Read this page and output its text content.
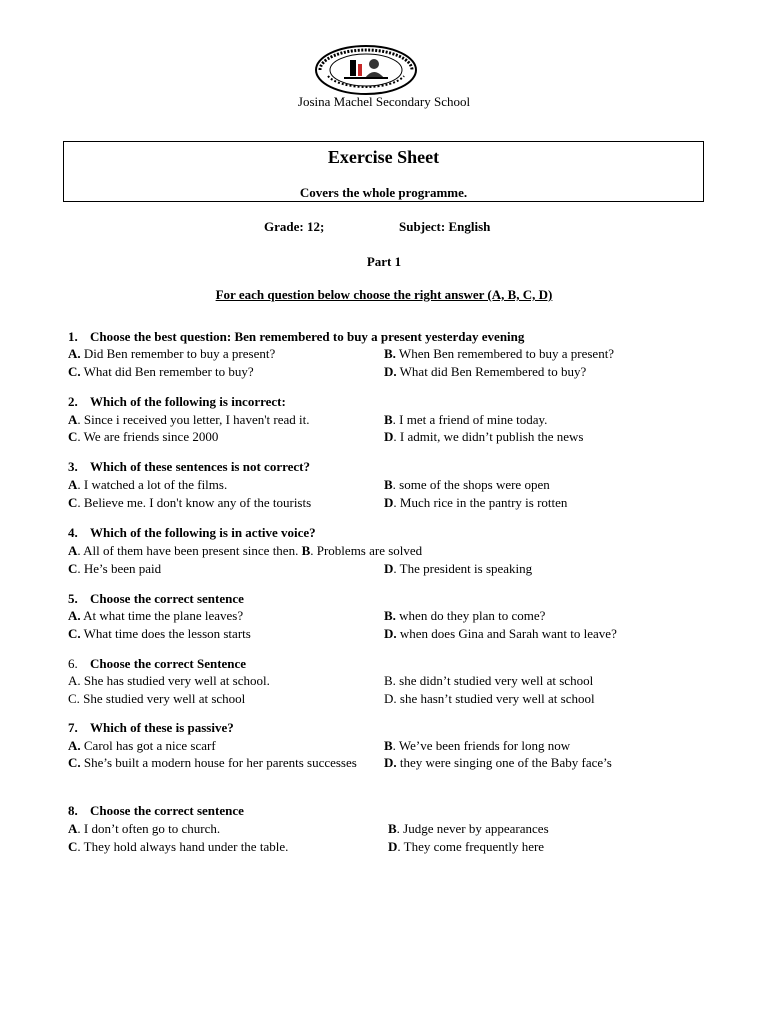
Josina Machel Secondary School
Exercise Sheet
Covers the whole programme.
Grade: 12;	Subject: English
Part 1
For each question below choose the right answer (A, B, C, D)
1. Choose the best question: Ben remembered to buy a present yesterday evening
A. Did Ben remember to buy a present?	B. When Ben remembered to buy a present?
C. What did Ben remember to buy?	D. What did Ben Remembered to buy?
2. Which of the following is incorrect:
A. Since i received you letter, I haven't read it.	B. I met a friend of mine today.
C. We are friends since 2000	D. I admit, we didn’t publish the news
3. Which of these sentences is not correct?
A. I watched a lot of the films.	B. some of the shops were open
C. Believe me. I don't know any of the tourists	D. Much rice in the pantry is rotten
4. Which of the following is in active voice?
A. All of them have been present since then. B. Problems are solved
C. He’s been paid	D. The president is speaking
5. Choose the correct sentence
A. At what time the plane leaves?	B. when do they plan to come?
C. What time does the lesson starts	D. when does Gina and Sarah want to leave?
6. Choose the correct Sentence
A. She has studied very well at school.	B. she didn’t studied very well at school
C. She studied very well at school	D. she hasn’t studied very well at school
7. Which of these is passive?
A. Carol has got a nice scarf	B. We’ve been friends for long now
C. She’s built a modern house for her parents successes D. they were singing one of the Baby face’s
8. Choose the correct sentence
A. I don’t often go to church.	B. Judge never by appearances
C. They hold always hand under the table.	D. They come frequently here
